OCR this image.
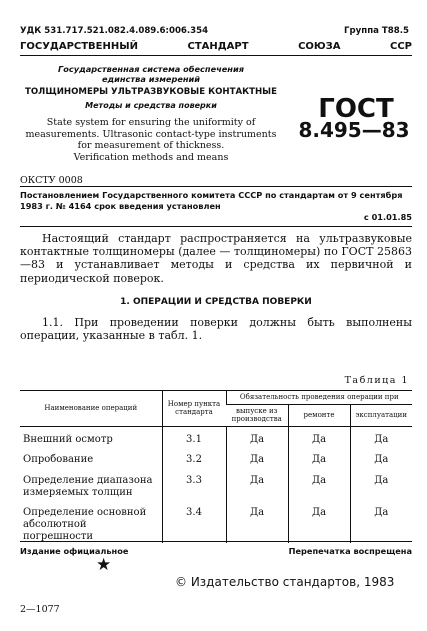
УДК 531.717.521.082.4.089.6:006.354	Группа Т88.5
ГОСУДАРСТВЕННЫЙ	СТАНДАРТ	СОЮЗА	ССР
Государственная система обеспечения
единства измерений
ТОЛЩИНОМЕРЫ УЛЬТРАЗВУКОВЫЕ КОНТАКТНЫЕ
Методы и средства поверки
State system for ensuring the uniformity of
measurements. Ultrasonic contact-type instruments
for measurement of thickness.
Verification methods and means
ГОСТ
8.495—83
ОКСТУ 0008
Постановлением Государственного комитета СССР по стандартам от 9 сентября 1983 г. № 4164 срок введения установлен
с 01.01.85
Настоящий стандарт распространяется на ультразвуковые контактные толщиномеры (далее — толщиномеры) по ГОСТ 25863—83 и устанавливает методы и средства их первичной и периодической поверок.
1. ОПЕРАЦИИ И СРЕДСТВА ПОВЕРКИ
1.1. При проведении поверки должны быть выполнены операции, указанные в табл. 1.
Таблица 1
Наименование операций	Номер пункта стандарта	Обязательность проведения операции при		
		выпуске из производства	ремонте	эксплуатации
Внешний осмотр	3.1	Да	Да	Да
Опробование	3.2	Да	Да	Да
Определение диапазона измеряемых толщин	3.3	Да	Да	Да
Определение основной абсолютной погрешности	3.4	Да	Да	Да
Издание официальное	Перепечатка воспрещена
★
© Издательство стандартов, 1983
2—1077
